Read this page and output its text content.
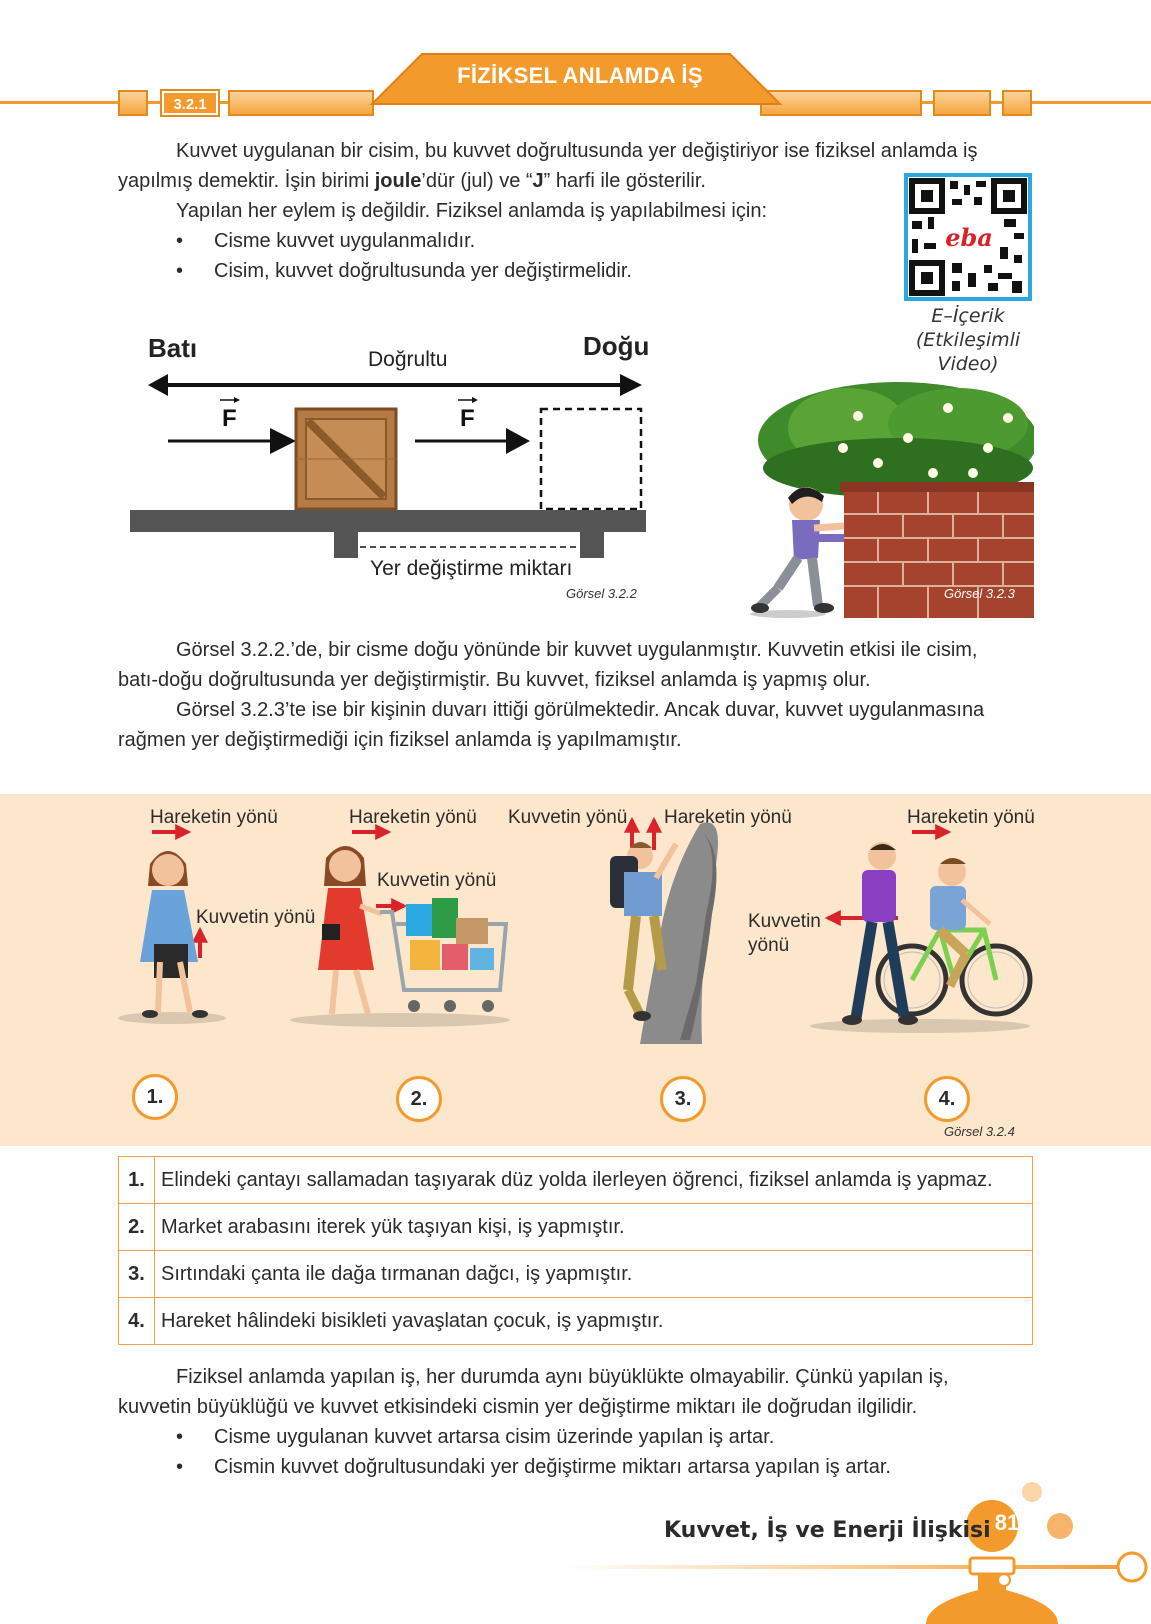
3.2.1
FİZİKSEL ANLAMDA İŞ
Kuvvet uygulanan bir cisim, bu kuvvet doğrultusunda yer değiştiriyor ise fiziksel anlamda iş
yapılmış demektir. İşin birimi joule’dür (jul) ve “J” harfi ile gösterilir.
Yapılan her eylem iş değildir. Fiziksel anlamda iş yapılabilmesi için:
• Cisme kuvvet uygulanmalıdır.
• Cisim, kuvvet doğrultusunda yer değiştirmelidir.
eba
E–İçerik
(Etkileşimli
Video)
Batı	Doğu
Doğrultu
F	F
Yer değiştirme miktarı
Görsel 3.2.2	Görsel 3.2.3
Görsel 3.2.2.’de, bir cisme doğu yönünde bir kuvvet uygulanmıştır. Kuvvetin etkisi ile cisim,
batı-doğu doğrultusunda yer değiştirmiştir. Bu kuvvet, fiziksel anlamda iş yapmış olur.
Görsel 3.2.3’te ise bir kişinin duvarı ittiği görülmektedir. Ancak duvar, kuvvet uygulanmasına
rağmen yer değiştirmediği için fiziksel anlamda iş yapılmamıştır.
Hareketin yönü	Hareketin yönü Kuvvetin yönü Hareketin yönü	Hareketin yönü
Kuvvetin yönü
Kuvvetin yönü
Kuvvetin
yönü
1.	2.	3.	4.
Görsel 3.2.4
1.	Elindeki çantayı sallamadan taşıyarak düz yolda ilerleyen öğrenci, fiziksel anlamda iş yapmaz.
2.	Market arabasını iterek yük taşıyan kişi, iş yapmıştır.
3.	Sırtındaki çanta ile dağa tırmanan dağcı, iş yapmıştır.
4.	Hareket hâlindeki bisikleti yavaşlatan çocuk, iş yapmıştır.
Fiziksel anlamda yapılan iş, her durumda aynı büyüklükte olmayabilir. Çünkü yapılan iş,
kuvvetin büyüklüğü ve kuvvet etkisindeki cismin yer değiştirme miktarı ile doğrudan ilgilidir.
• Cisme uygulanan kuvvet artarsa cisim üzerinde yapılan iş artar.
• Cismin kuvvet doğrultusundaki yer değiştirme miktarı artarsa yapılan iş artar.
Kuvvet, İş ve Enerji İlişkisi 81
